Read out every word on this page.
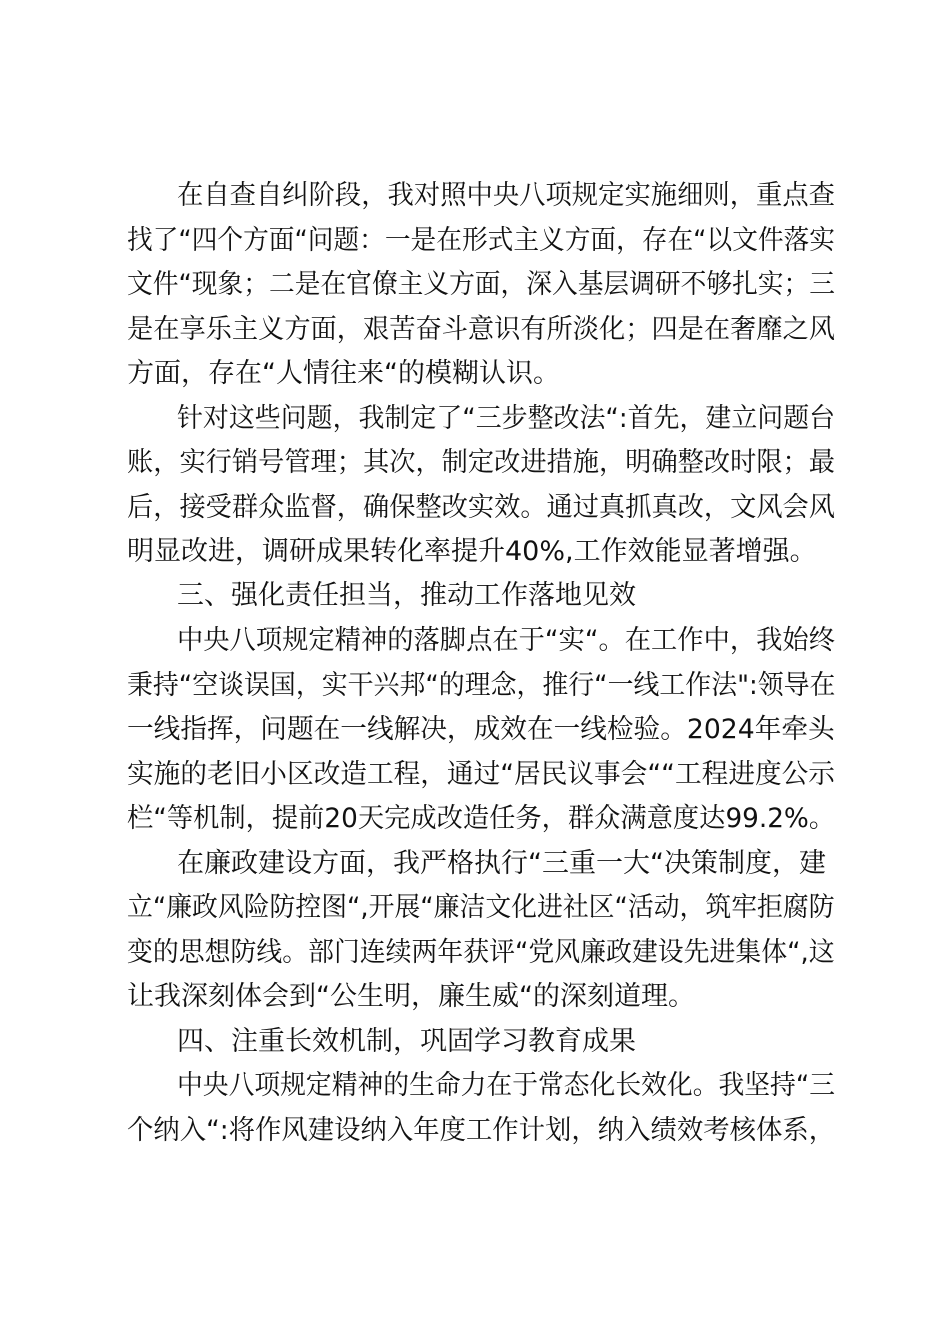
在自查自纠阶段，我对照中央八项规定实施细则，重点查
找了“四个方面“问题：一是在形式主义方面，存在“以文件落实
文件“现象；二是在官僚主义方面，深入基层调研不够扎实；三
是在享乐主义方面，艰苦奋斗意识有所淡化；四是在奢靡之风
方面，存在“人情往来“的模糊认识。
针对这些问题，我制定了“三步整改法“:首先，建立问题台
账，实行销号管理；其次，制定改进措施，明确整改时限；最
后，接受群众监督，确保整改实效。通过真抓真改，文风会风
明显改进，调研成果转化率提升40%,工作效能显著增强。
三、强化责任担当，推动工作落地见效
中央八项规定精神的落脚点在于“实“。在工作中，我始终
秉持“空谈误国，实干兴邦“的理念，推行“一线工作法":领导在
一线指挥，问题在一线解决，成效在一线检验。2024年牵头
实施的老旧小区改造工程，通过“居民议事会““工程进度公示
栏“等机制，提前20天完成改造任务，群众满意度达99.2%。
在廉政建设方面，我严格执行“三重一大“决策制度，建
立“廉政风险防控图“,开展“廉洁文化进社区“活动，筑牢拒腐防
变的思想防线。部门连续两年获评“党风廉政建设先进集体“,这
让我深刻体会到“公生明，廉生威“的深刻道理。
四、注重长效机制，巩固学习教育成果
中央八项规定精神的生命力在于常态化长效化。我坚持“三
个纳入“:将作风建设纳入年度工作计划，纳入绩效考核体系，
